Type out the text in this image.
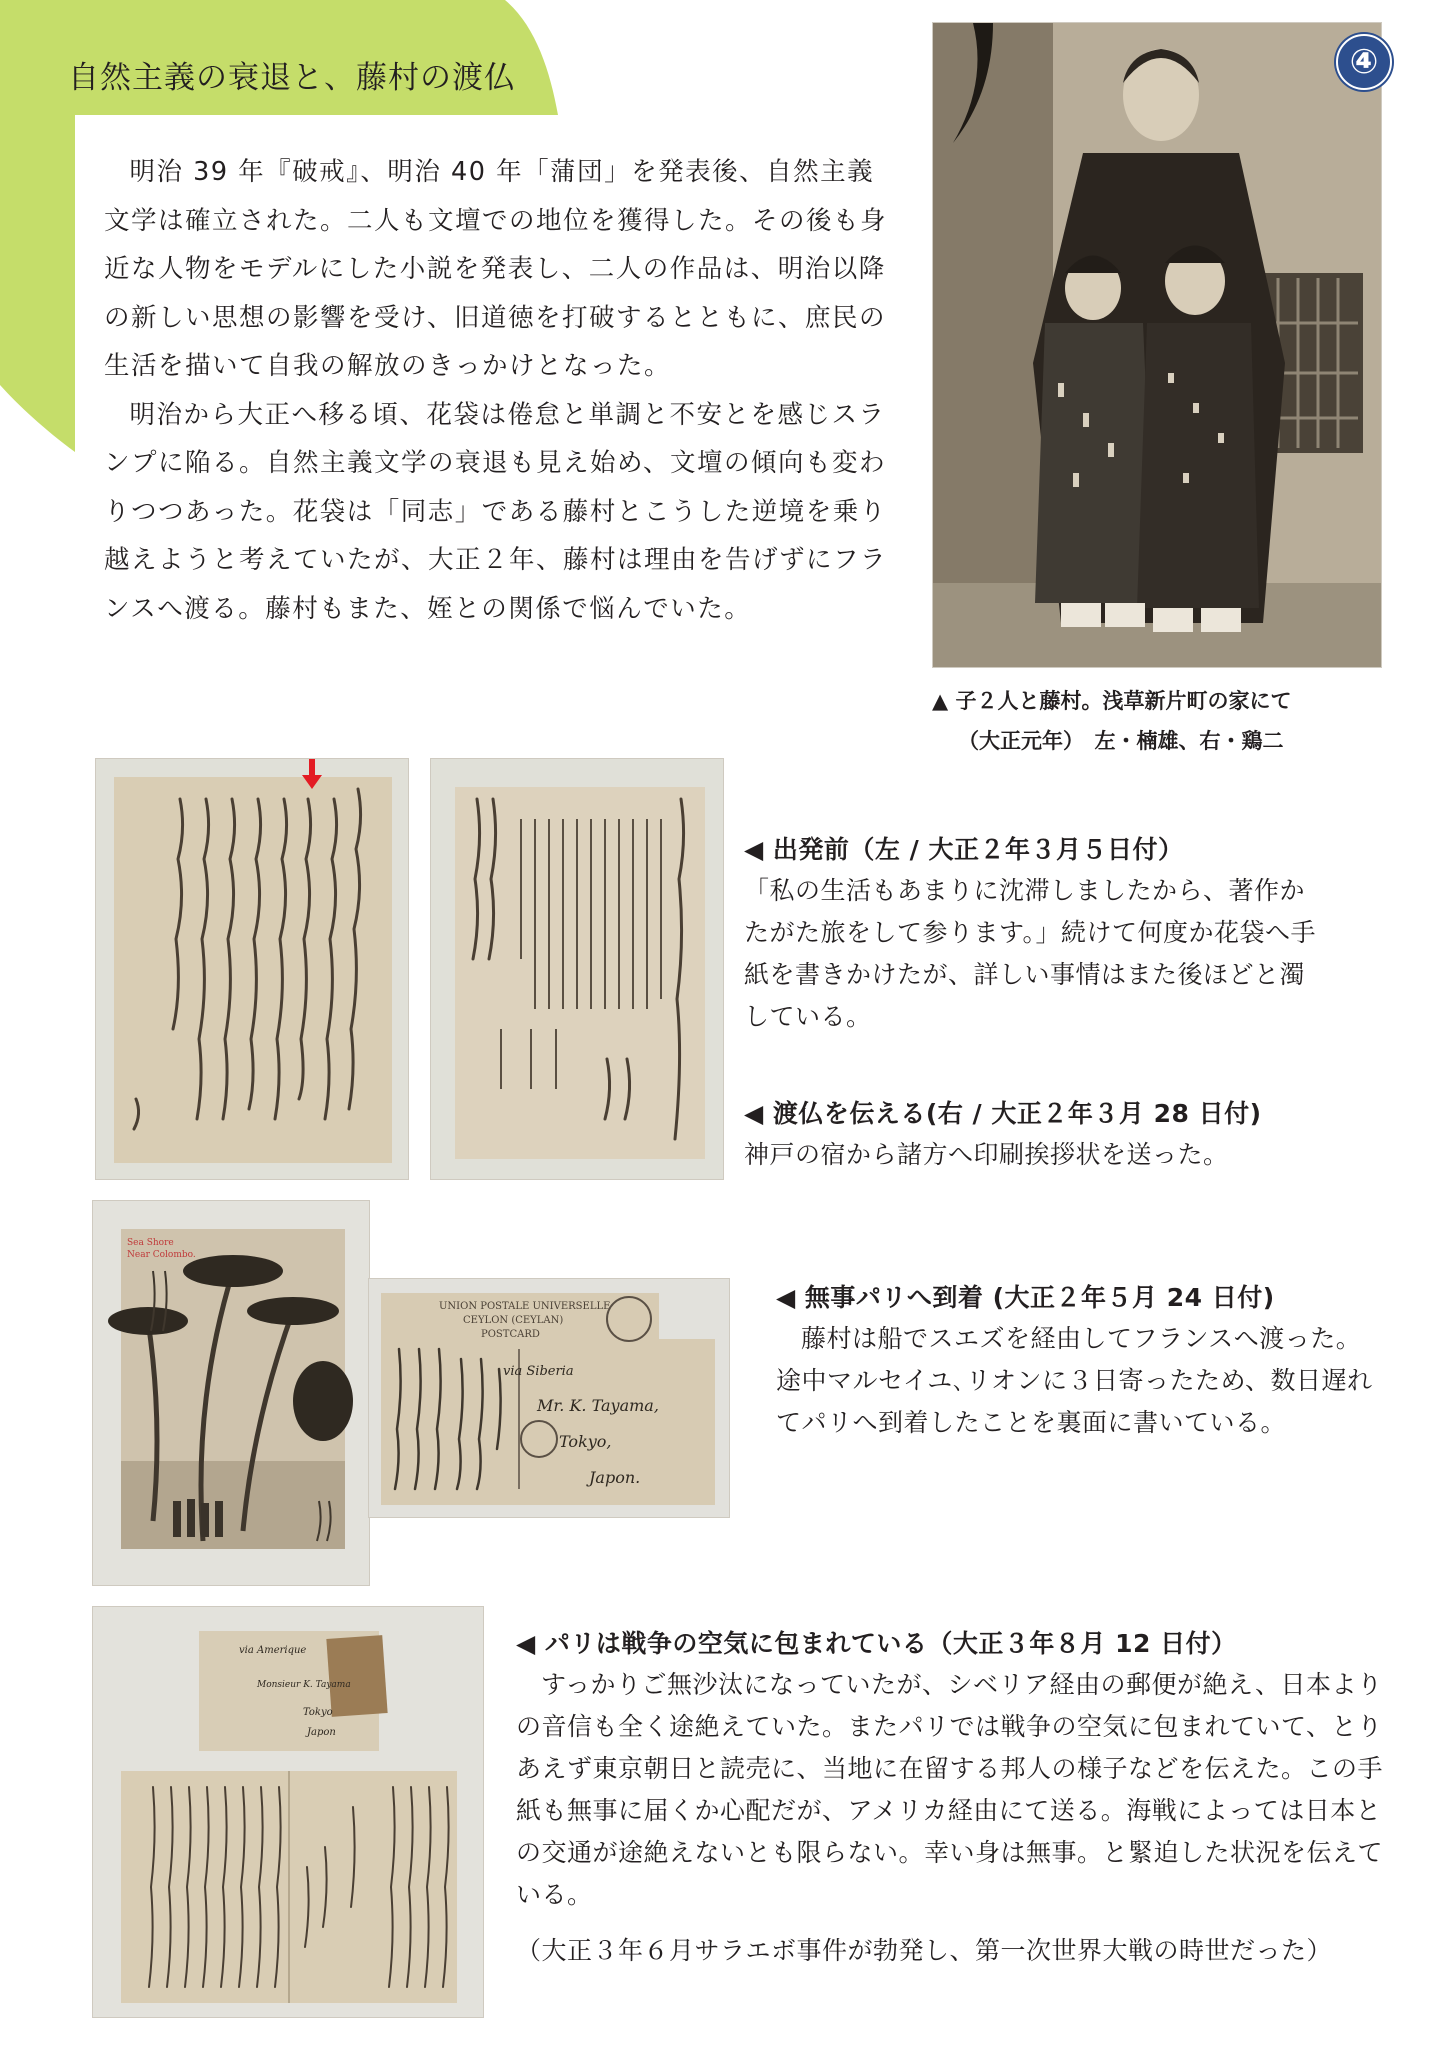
自然主義の衰退と、藤村の渡仏

明治 39 年『破戒』、明治 40 年「蒲団」を発表後、自然主義文学は確立された。二人も文壇での地位を獲得した。その後も身近な人物をモデルにした小説を発表し、二人の作品は、明治以降の新しい思想の影響を受け、旧道徳を打破するとともに、庶民の生活を描いて自我の解放のきっかけとなった。

明治から大正へ移る頃、花袋は倦怠と単調と不安とを感じスランプに陥る。自然主義文学の衰退も見え始め、文壇の傾向も変わりつつあった。花袋は「同志」である藤村とこうした逆境を乗り越えようと考えていたが、大正２年、藤村は理由を告げずにフランスへ渡る。藤村もまた、姪との関係で悩んでいた。

④
▲ 子２人と藤村。浅草新片町の家にて
（大正元年）　左・楠雄、右・鶏二
◀ 出発前（左 / 大正２年３月５日付）
「私の生活もあまりに沈滞しましたから、著作かたがた旅をして参ります。」続けて何度か花袋へ手紙を書きかけたが、詳しい事情はまた後ほどと濁している。
◀ 渡仏を伝える(右 / 大正２年３月 28 日付)
神戸の宿から諸方へ印刷挨拶状を送った。
Sea Shore
Near Colombo.
UNION POSTALE UNIVERSELLE
CEYLON (CEYLAN)
POSTCARD
via Siberia
Mr. K. Tayama,
Tokyo,
Japon.
◀ 無事パリへ到着 (大正２年５月 24 日付)
藤村は船でスエズを経由してフランスへ渡った。途中マルセイユ､リオンに３日寄ったため、数日遅れてパリへ到着したことを裏面に書いている。
via Amerique
Monsieur K. Tayama
Tokyo
Japon
◀ パリは戦争の空気に包まれている（大正３年８月 12 日付）
すっかりご無沙汰になっていたが、シベリア経由の郵便が絶え、日本よりの音信も全く途絶えていた。またパリでは戦争の空気に包まれていて、とりあえず東京朝日と読売に、当地に在留する邦人の様子などを伝えた。この手紙も無事に届くか心配だが、アメリカ経由にて送る。海戦によっては日本との交通が途絶えないとも限らない。幸い身は無事。と緊迫した状況を伝えている。
（大正３年６月サラエボ事件が勃発し、第一次世界大戦の時世だった）
